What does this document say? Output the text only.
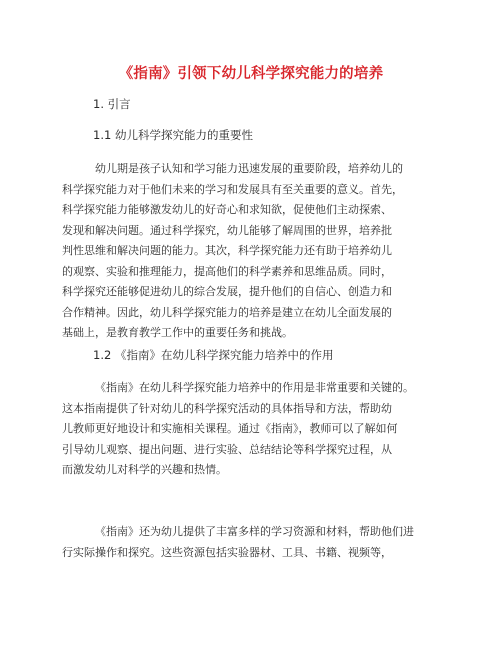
《指南》引领下幼儿科学探究能力的培养
1. 引言
1.1 幼儿科学探究能力的重要性
幼儿期是孩子认知和学习能力迅速发展的重要阶段，培养幼儿的
科学探究能力对于他们未来的学习和发展具有至关重要的意义。首先，
科学探究能力能够激发幼儿的好奇心和求知欲，促使他们主动探索、
发现和解决问题。通过科学探究，幼儿能够了解周围的世界，培养批
判性思维和解决问题的能力。其次，科学探究能力还有助于培养幼儿
的观察、实验和推理能力，提高他们的科学素养和思维品质。同时，
科学探究还能够促进幼儿的综合发展，提升他们的自信心、创造力和
合作精神。因此，幼儿科学探究能力的培养是建立在幼儿全面发展的
基础上，是教育教学工作中的重要任务和挑战。
1.2 《指南》在幼儿科学探究能力培养中的作用
《指南》在幼儿科学探究能力培养中的作用是非常重要和关键的。
这本指南提供了针对幼儿的科学探究活动的具体指导和方法，帮助幼
儿教师更好地设计和实施相关课程。通过《指南》，教师可以了解如何
引导幼儿观察、提出问题、进行实验、总结结论等科学探究过程，从
而激发幼儿对科学的兴趣和热情。
《指南》还为幼儿提供了丰富多样的学习资源和材料，帮助他们进
行实际操作和探究。这些资源包括实验器材、工具、书籍、视频等，
